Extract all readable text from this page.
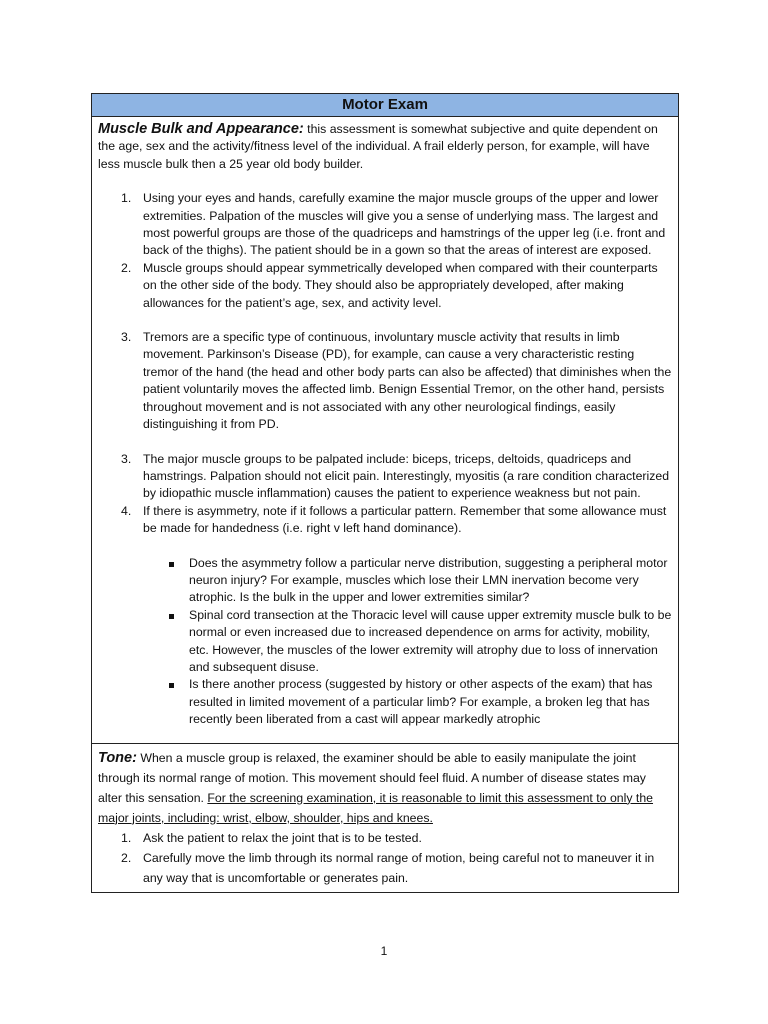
Motor Exam
Muscle Bulk and Appearance: this assessment is somewhat subjective and quite dependent on the age, sex and the activity/fitness level of the individual. A frail elderly person, for example, will have less muscle bulk then a 25 year old body builder.
1. Using your eyes and hands, carefully examine the major muscle groups of the upper and lower extremities. Palpation of the muscles will give you a sense of underlying mass. The largest and most powerful groups are those of the quadriceps and hamstrings of the upper leg (i.e. front and back of the thighs). The patient should be in a gown so that the areas of interest are exposed.
2. Muscle groups should appear symmetrically developed when compared with their counterparts on the other side of the body. They should also be appropriately developed, after making allowances for the patient’s age, sex, and activity level.
3. Tremors are a specific type of continuous, involuntary muscle activity that results in limb movement. Parkinson’s Disease (PD), for example, can cause a very characteristic resting tremor of the hand (the head and other body parts can also be affected) that diminishes when the patient voluntarily moves the affected limb. Benign Essential Tremor, on the other hand, persists throughout movement and is not associated with any other neurological findings, easily distinguishing it from PD.
3. The major muscle groups to be palpated include: biceps, triceps, deltoids, quadriceps and hamstrings. Palpation should not elicit pain. Interestingly, myositis (a rare condition characterized by idiopathic muscle inflammation) causes the patient to experience weakness but not pain.
4. If there is asymmetry, note if it follows a particular pattern. Remember that some allowance must be made for handedness (i.e. right v left hand dominance).
Does the asymmetry follow a particular nerve distribution, suggesting a peripheral motor neuron injury? For example, muscles which lose their LMN inervation become very atrophic. Is the bulk in the upper and lower extremities similar?
Spinal cord transection at the Thoracic level will cause upper extremity muscle bulk to be normal or even increased due to increased dependence on arms for activity, mobility, etc. However, the muscles of the lower extremity will atrophy due to loss of innervation and subsequent disuse.
Is there another process (suggested by history or other aspects of the exam) that has resulted in limited movement of a particular limb? For example, a broken leg that has recently been liberated from a cast will appear markedly atrophic
Tone: When a muscle group is relaxed, the examiner should be able to easily manipulate the joint through its normal range of motion. This movement should feel fluid. A number of disease states may alter this sensation. For the screening examination, it is reasonable to limit this assessment to only the major joints, including: wrist, elbow, shoulder, hips and knees.
1. Ask the patient to relax the joint that is to be tested.
2. Carefully move the limb through its normal range of motion, being careful not to maneuver it in any way that is uncomfortable or generates pain.
1
